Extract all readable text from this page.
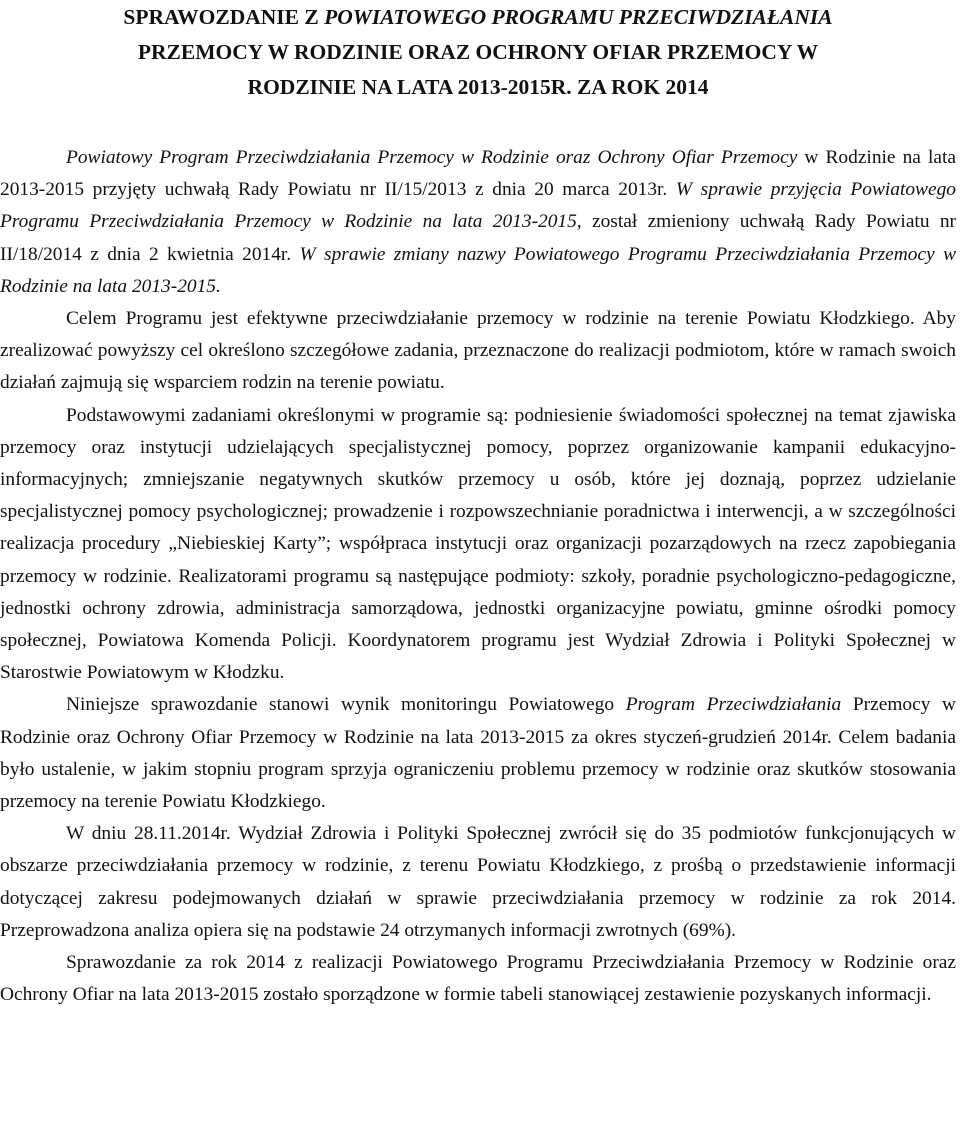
SPRAWOZDANIE Z POWIATOWEGO PROGRAMU PRZECIWDZIAŁANIA
PRZEMOCY W RODZINIE ORAZ OCHRONY OFIAR PRZEMOCY W
RODZINIE NA LATA 2013-2015R. ZA ROK 2014

Powiatowy Program Przeciwdziałania Przemocy w Rodzinie oraz Ochrony Ofiar Przemocy w Rodzinie na lata 2013-2015 przyjęty uchwałą Rady Powiatu nr II/15/2013 z dnia 20 marca 2013r. W sprawie przyjęcia Powiatowego Programu Przeciwdziałania Przemocy w Rodzinie na lata 2013-2015, został zmieniony uchwałą Rady Powiatu nr II/18/2014 z dnia 2 kwietnia 2014r. W sprawie zmiany nazwy Powiatowego Programu Przeciwdziałania Przemocy w Rodzinie na lata 2013-2015.

Celem Programu jest efektywne przeciwdziałanie przemocy w rodzinie na terenie Powiatu Kłodzkiego. Aby zrealizować powyższy cel określono szczegółowe zadania, przeznaczone do realizacji podmiotom, które w ramach swoich działań zajmują się wsparciem rodzin na terenie powiatu.

Podstawowymi zadaniami określonymi w programie są: podniesienie świadomości społecznej na temat zjawiska przemocy oraz instytucji udzielających specjalistycznej pomocy, poprzez organizowanie kampanii edukacyjno-informacyjnych; zmniejszanie negatywnych skutków przemocy u osób, które jej doznają, poprzez udzielanie specjalistycznej pomocy psychologicznej; prowadzenie i rozpowszechnianie poradnictwa i interwencji, a w szczególności realizacja procedury „Niebieskiej Karty”; współpraca instytucji oraz organizacji pozarządowych na rzecz zapobiegania przemocy w rodzinie. Realizatorami programu są następujące podmioty: szkoły, poradnie psychologiczno-pedagogiczne, jednostki ochrony zdrowia, administracja samorządowa, jednostki organizacyjne powiatu, gminne ośrodki pomocy społecznej, Powiatowa Komenda Policji. Koordynatorem programu jest Wydział Zdrowia i Polityki Społecznej w Starostwie Powiatowym w Kłodzku.

Niniejsze sprawozdanie stanowi wynik monitoringu Powiatowego Program Przeciwdziałania Przemocy w Rodzinie oraz Ochrony Ofiar Przemocy w Rodzinie na lata 2013-2015 za okres styczeń-grudzień 2014r. Celem badania było ustalenie, w jakim stopniu program sprzyja ograniczeniu problemu przemocy w rodzinie oraz skutków stosowania przemocy na terenie Powiatu Kłodzkiego.

W dniu 28.11.2014r. Wydział Zdrowia i Polityki Społecznej zwrócił się do 35 podmiotów funkcjonujących w obszarze przeciwdziałania przemocy w rodzinie, z terenu Powiatu Kłodzkiego, z prośbą o przedstawienie informacji dotyczącej zakresu podejmowanych działań w sprawie przeciwdziałania przemocy w rodzinie za rok 2014. Przeprowadzona analiza opiera się na podstawie 24 otrzymanych informacji zwrotnych (69%).

Sprawozdanie za rok 2014 z realizacji Powiatowego Programu Przeciwdziałania Przemocy w Rodzinie oraz Ochrony Ofiar na lata 2013-2015 zostało sporządzone w formie tabeli stanowiącej zestawienie pozyskanych informacji.
